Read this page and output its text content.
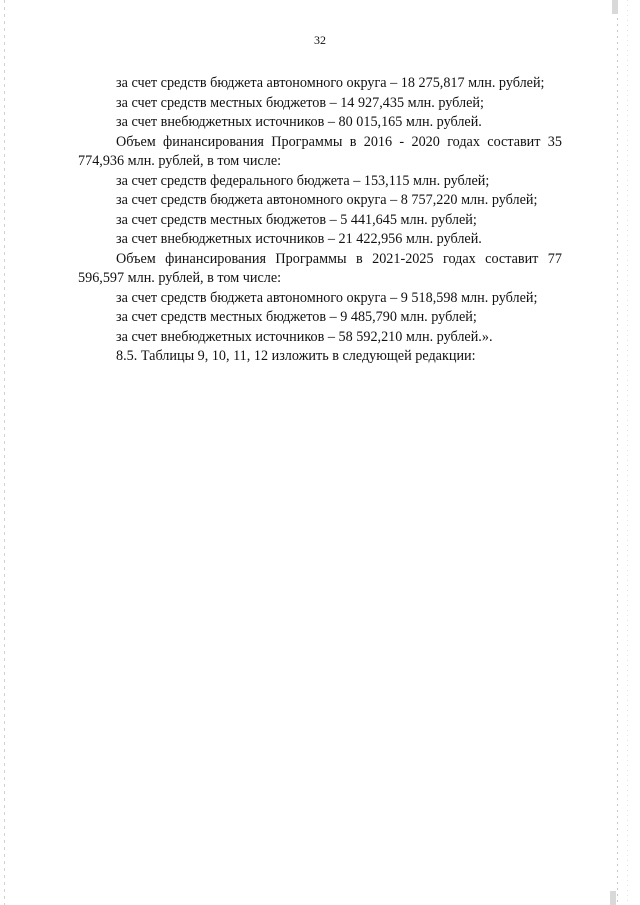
32

за счет средств бюджета автономного округа – 18 275,817 млн. рублей;

за счет средств местных бюджетов – 14 927,435 млн. рублей;

за счет внебюджетных источников – 80 015,165 млн. рублей.

Объем финансирования Программы в 2016 - 2020 годах составит 35 774,936 млн. рублей, в том числе:

за счет средств федерального бюджета – 153,115 млн. рублей;

за счет средств бюджета автономного округа – 8 757,220 млн. рублей;

за счет средств местных бюджетов – 5 441,645 млн. рублей;

за счет внебюджетных источников – 21 422,956 млн. рублей.

Объем финансирования Программы в 2021-2025 годах составит 77 596,597 млн. рублей, в том числе:

за счет средств бюджета автономного округа – 9 518,598 млн. рублей;

за счет средств местных бюджетов – 9 485,790 млн. рублей;

за счет внебюджетных источников – 58 592,210 млн. рублей.».

8.5. Таблицы 9, 10, 11, 12 изложить в следующей редакции:
